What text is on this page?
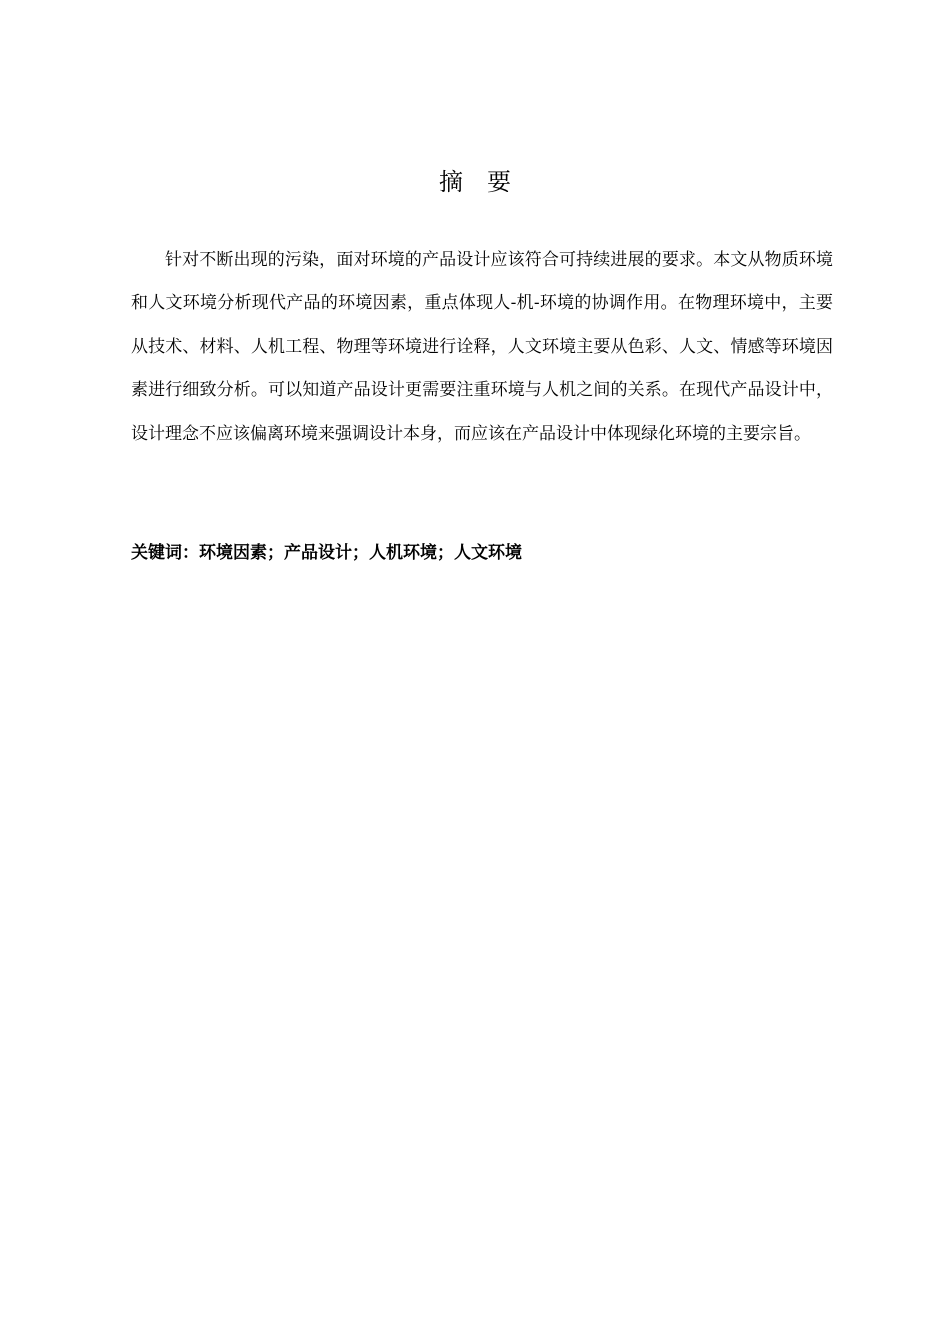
摘 要

针对不断出现的污染，面对环境的产品设计应该符合可持续进展的要求。本文从物质环境和人文环境分析现代产品的环境因素，重点体现人-机-环境的协调作用。在物理环境中，主要从技术、材料、人机工程、物理等环境进行诠释，人文环境主要从色彩、人文、情感等环境因素进行细致分析。可以知道产品设计更需要注重环境与人机之间的关系。在现代产品设计中，设计理念不应该偏离环境来强调设计本身，而应该在产品设计中体现绿化环境的主要宗旨。

关键词：环境因素；产品设计；人机环境；人文环境
